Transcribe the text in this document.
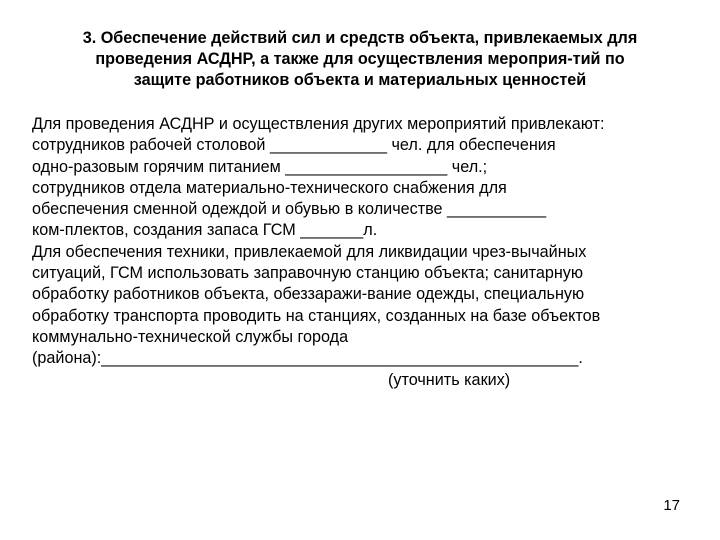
3. Обеспечение действий сил и средств объекта, привлекаемых для
проведения АСДНР, а также для осуществления мероприя-тий по
защите работников объекта и материальных ценностей
Для проведения АСДНР и осуществления других мероприятий привлекают:
сотрудников рабочей столовой _____________ чел. для обеспечения
одно-разовым горячим питанием __________________ чел.;
сотрудников отдела материально-технического снабжения для
обеспечения сменной одеждой и обувью в количестве ___________
ком-плектов, создания запаса ГСМ _______л.
Для обеспечения техники, привлекаемой для ликвидации чрез-вычайных
ситуаций, ГСМ использовать заправочную станцию объекта; санитарную
обработку работников объекта, обеззаражи-вание одежды, специальную
обработку транспорта проводить на станциях, созданных на базе объектов
коммунально-технической службы города
(района):_____________________________________________________.
(уточнить каких)
17
